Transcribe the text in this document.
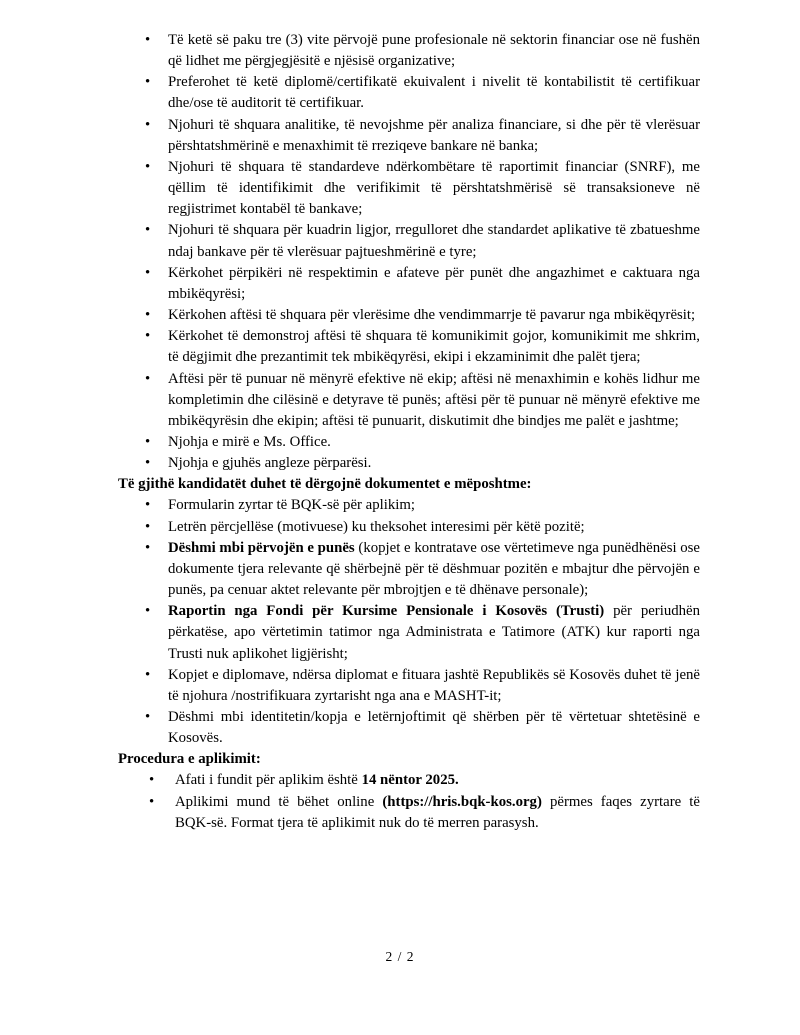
• Të ketë së paku tre (3) vite përvojë pune profesionale në sektorin financiar ose në fushën që lidhet me përgjegjësitë e njësisë organizative;
• Preferohet të ketë diplomë/certifikatë ekuivalent i nivelit të kontabilistit të certifikuar dhe/ose të auditorit të certifikuar.
• Njohuri të shquara analitike, të nevojshme për analiza financiare, si dhe për të vlerësuar përshtatshmërinë e menaxhimit të rreziqeve bankare në banka;
• Njohuri të shquara të standardeve ndërkombëtare të raportimit financiar (SNRF), me qëllim të identifikimit dhe verifikimit të përshtatshmërisë së transaksioneve në regjistrimet kontabël të bankave;
• Njohuri të shquara për kuadrin ligjor, rregulloret dhe standardet aplikative të zbatueshme ndaj bankave për të vlerësuar pajtueshmërinë e tyre;
• Kërkohet përpikëri në respektimin e afateve për punët dhe angazhimet e caktuara nga mbikëqyrësi;
• Kërkohen aftësi të shquara për vlerësime dhe vendimmarrje të pavarur nga mbikëqyrësit;
• Kërkohet të demonstroj aftësi të shquara të komunikimit gojor, komunikimit me shkrim, të dëgjimit dhe prezantimit tek mbikëqyrësi, ekipi i ekzaminimit dhe palët tjera;
• Aftësi për të punuar në mënyrë efektive në ekip; aftësi në menaxhimin e kohës lidhur me kompletimin dhe cilësinë e detyrave të punës; aftësi për të punuar në mënyrë efektive me mbikëqyrësin dhe ekipin; aftësi të punuarit, diskutimit dhe bindjes me palët e jashtme;
• Njohja e mirë e Ms. Office.
• Njohja e gjuhës angleze përparësi.

Të gjithë kandidatët duhet të dërgojnë dokumentet e mëposhtme:

• Formularin zyrtar të BQK-së për aplikim;
• Letrën përcjellëse (motivuese) ku theksohet interesimi për këtë pozitë;
• Dëshmi mbi përvojën e punës (kopjet e kontratave ose vërtetimeve nga punëdhënësi ose dokumente tjera relevante që shërbejnë për të dëshmuar pozitën e mbajtur dhe përvojën e punës, pa cenuar aktet relevante për mbrojtjen e të dhënave personale);
• Raportin nga Fondi për Kursime Pensionale i Kosovës (Trusti) për periudhën përkatëse, apo vërtetimin tatimor nga Administrata e Tatimore (ATK) kur raporti nga Trusti nuk aplikohet ligjërisht;
• Kopjet e diplomave, ndërsa diplomat e fituara jashtë Republikës së Kosovës duhet të jenë të njohura /nostrifikuara zyrtarisht nga ana e MASHT-it;
• Dëshmi mbi identitetin/kopja e letërnjoftimit që shërben për të vërtetuar shtetësinë e Kosovës.

Procedura e aplikimit:

• Afati i fundit për aplikim është 14 nëntor 2025.
• Aplikimi mund të bëhet online (https://hris.bqk-kos.org) përmes faqes zyrtare të BQK-së. Format tjera të aplikimit nuk do të merren parasysh.
2 / 2
